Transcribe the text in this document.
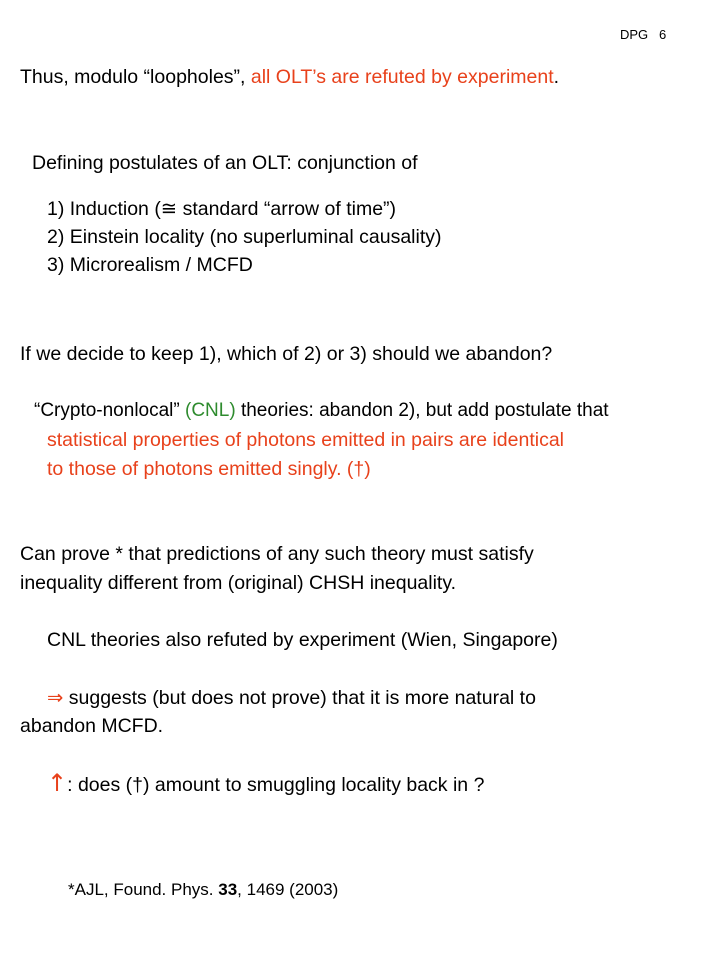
DPG 6
Thus, modulo “loopholes”, all OLT’s are refuted by experiment.
Defining postulates of an OLT: conjunction of
1) Induction (≅ standard “arrow of time”)
2) Einstein locality (no superluminal causality)
3) Microrealism / MCFD
If we decide to keep 1), which of 2) or 3) should we abandon?
“Crypto-nonlocal” (CNL) theories: abandon 2), but add postulate that
statistical properties of photons emitted in pairs are identical
to those of photons emitted singly. (†)
Can prove * that predictions of any such theory must satisfy
inequality different from (original) CHSH inequality.
CNL theories also refuted by experiment (Wien, Singapore)
⇒ suggests (but does not prove) that it is more natural to
abandon MCFD.
↑: does (†) amount to smuggling locality back in ?
*AJL, Found. Phys. 33, 1469 (2003)
